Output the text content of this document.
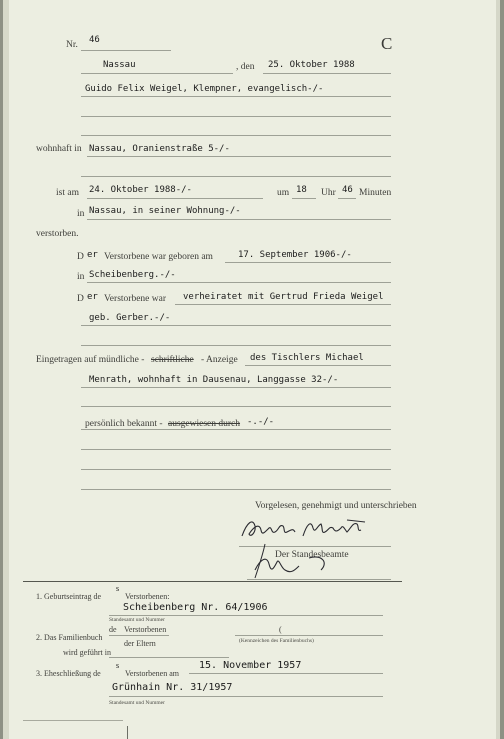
Nr. 46	C
Nassau	, den 25. Oktober 1988
Guido Felix Weigel, Klempner, evangelisch-/-
wohnhaft in Nassau, Oranienstraße 5-/-
ist am 24. Oktober 1988-/-	um 18 Uhr 46 Minuten
in Nassau, in seiner Wohnung-/-
verstorben.
D er Verstorbene war geboren am	17. September 1906-/-
in Scheibenberg.-/-
D er Verstorbene war verheiratet mit Gertrud Frieda Weigel
geb. Gerber.-/-
Eingetragen auf mündliche - schriftliche - Anzeige des Tischlers Michael
Menrath, wohnhaft in Dausenau, Langgasse 32-/-
persönlich bekannt - ausgewiesen durch -.-/-
Vorgelesen, genehmigt und unterschrieben
Der Standesbeamte
1. Geburtseintrag de
s
Verstorbenen:
Scheibenberg Nr. 64/1906
Standesamt und Nummer
2. Das Familienbuch
de Verstorbenen
der Eltern
(
(Kennzeichen des Familienbuchs)
wird geführt in
3. Eheschließung de
s
Verstorbenen am
15. November 1957
Grünhain Nr. 31/1957
Standesamt und Nummer
